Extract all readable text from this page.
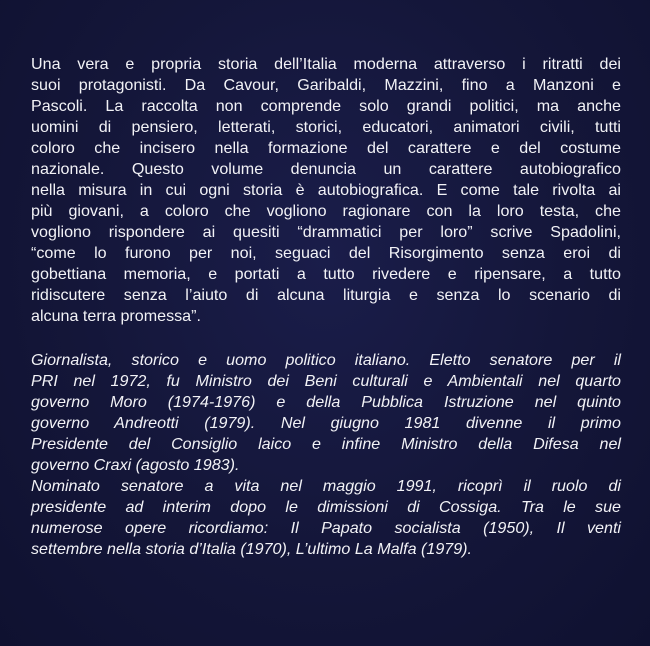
Una vera e propria storia dell’Italia moderna attraverso i ritratti dei
suoi protagonisti. Da Cavour, Garibaldi, Mazzini, fino a Manzoni e
Pascoli. La raccolta non comprende solo grandi politici, ma anche
uomini di pensiero, letterati, storici, educatori, animatori civili, tutti
coloro che incisero nella formazione del carattere e del costume
nazionale. Questo volume denuncia un carattere autobiografico
nella misura in cui ogni storia è autobiografica. E come tale rivolta ai
più giovani, a coloro che vogliono ragionare con la loro testa, che
vogliono rispondere ai quesiti “drammatici per loro” scrive Spadolini,
“come lo furono per noi, seguaci del Risorgimento senza eroi di
gobettiana memoria, e portati a tutto rivedere e ripensare, a tutto
ridiscutere senza l’aiuto di alcuna liturgia e senza lo scenario di
alcuna terra promessa”.

Giornalista, storico e uomo politico italiano. Eletto senatore per il
PRI nel 1972, fu Ministro dei Beni culturali e Ambientali nel quarto
governo Moro (1974-1976) e della Pubblica Istruzione nel quinto
governo Andreotti (1979). Nel giugno 1981 divenne il primo
Presidente del Consiglio laico e infine Ministro della Difesa nel
governo Craxi (agosto 1983).
Nominato senatore a vita nel maggio 1991, ricoprì il ruolo di
presidente ad interim dopo le dimissioni di Cossiga. Tra le sue
numerose opere ricordiamo: Il Papato socialista (1950), Il venti
settembre nella storia d’Italia (1970), L’ultimo La Malfa (1979).
